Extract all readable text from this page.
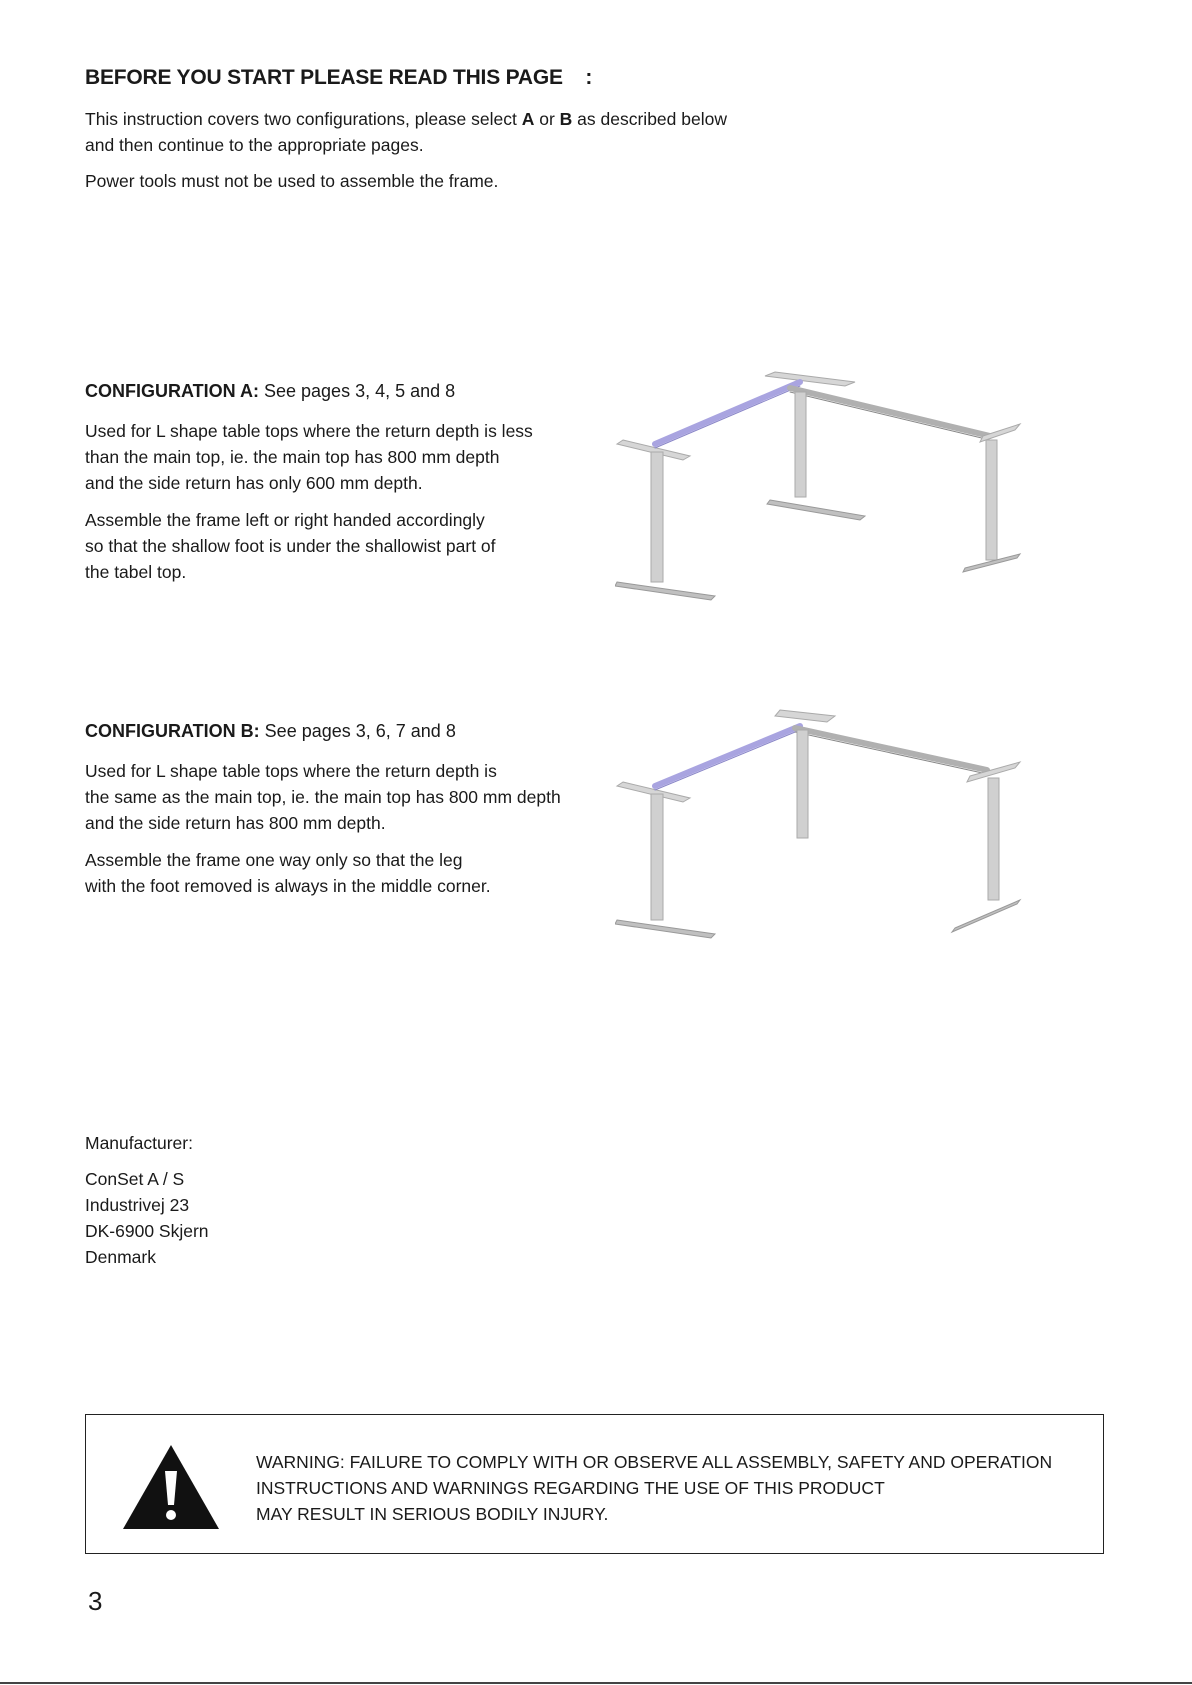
BEFORE YOU START PLEASE READ THIS PAGE :

This instruction covers two configurations, please select A or B as described below

and then continue to the appropriate pages.

Power tools must not be used to assemble the frame.

CONFIGURATION A: See pages 3, 4, 5 and 8

Used for L shape table tops where the return depth is less

than the main top, ie. the main top has 800 mm depth

and the side return has only 600 mm depth.

Assemble the frame left or right handed accordingly

so that the shallow foot is under the shallowist part of

the tabel top.

CONFIGURATION B: See pages 3, 6, 7 and 8

Used for L shape table tops where the return depth is

the same as the main top, ie. the main top has 800 mm depth

and the side return has 800 mm depth.

Assemble the frame one way only so that the leg

with the foot removed is always in the middle corner.

Manufacturer:
ConSet A / S
Industrivej 23
DK-6900 Skjern
Denmark
WARNING: FAILURE TO COMPLY WITH OR OBSERVE ALL ASSEMBLY, SAFETY AND OPERATION
INSTRUCTIONS AND WARNINGS REGARDING THE USE OF THIS PRODUCT
MAY RESULT IN SERIOUS BODILY INJURY.
3
